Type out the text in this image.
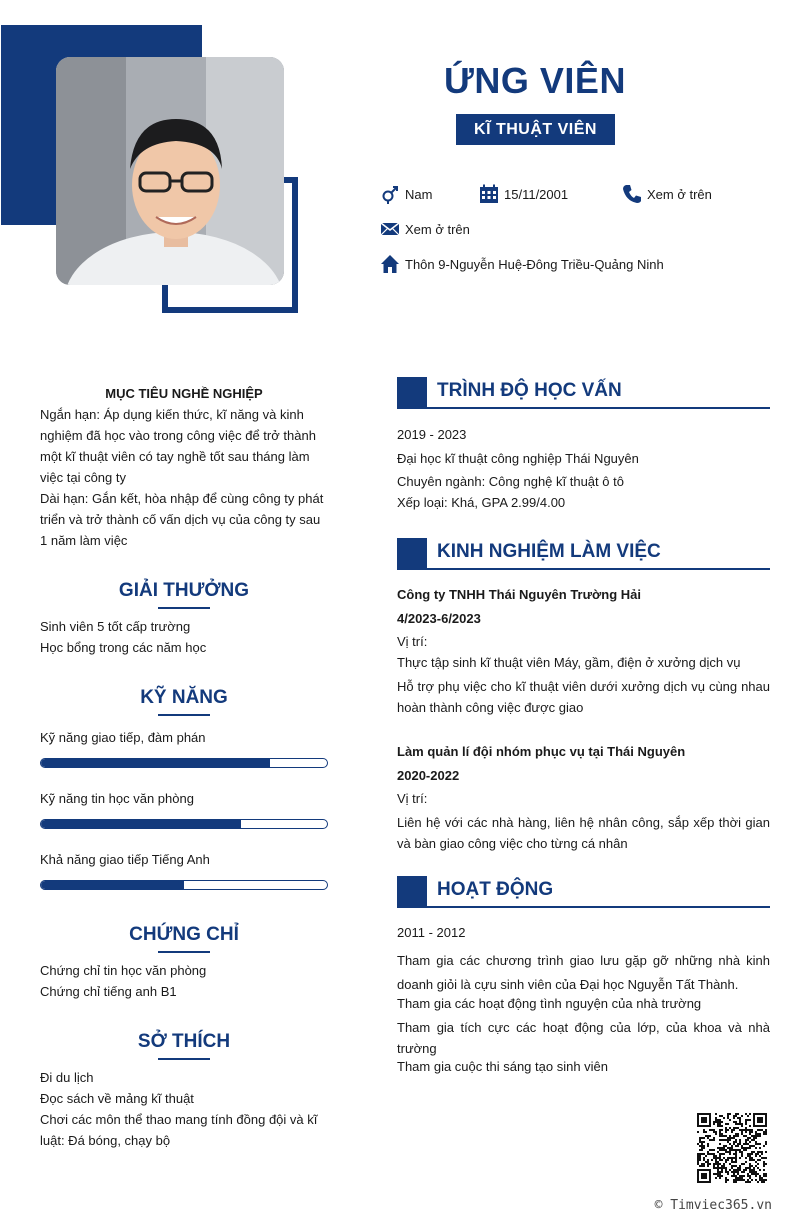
ỨNG VIÊN
KĨ THUẬT VIÊN
Nam	15/11/2001	Xem ở trên
Xem ở trên
Thôn 9-Nguyễn Huệ-Đông Triều-Quảng Ninh
MỤC TIÊU NGHỀ NGHIỆP
Ngắn hạn: Áp dụng kiến thức, kĩ năng và kinh
nghiệm đã học vào trong công việc để trở thành
một kĩ thuật viên có tay nghề tốt sau tháng làm
việc tại công ty
Dài hạn: Gắn kết, hòa nhập để cùng công ty phát
triển và trở thành cố vấn dịch vụ của công ty sau
1 năm làm việc
GIẢI THƯỞNG
Sinh viên 5 tốt cấp trường
Học bổng trong các năm học
KỸ NĂNG
Kỹ năng giao tiếp, đàm phán
Kỹ năng tin học văn phòng
Khả năng giao tiếp Tiếng Anh
CHỨNG CHỈ
Chứng chỉ tin học văn phòng
Chứng chỉ tiếng anh B1
SỞ THÍCH
Đi du lịch
Đọc sách về mảng kĩ thuật
Chơi các môn thể thao mang tính đồng đội và kĩ
luật: Đá bóng, chạy bộ
TRÌNH ĐỘ HỌC VẤN
2019 - 2023
Đại học kĩ thuật công nghiệp Thái Nguyên
Chuyên ngành: Công nghệ kĩ thuật ô tô
Xếp loại: Khá, GPA 2.99/4.00
KINH NGHIỆM LÀM VIỆC
Công ty TNHH Thái Nguyên Trường Hải
4/2023-6/2023
Vị trí:
Thực tập sinh kĩ thuật viên Máy, gầm, điện ở xưởng dịch vụ
Hỗ trợ phụ việc cho kĩ thuật viên dưới xưởng dịch vụ cùng nhau hoàn thành công việc được giao
Làm quản lí đội nhóm phục vụ tại Thái Nguyên
2020-2022
Vị trí:
Liên hệ với các nhà hàng, liên hệ nhân công, sắp xếp thời gian và bàn giao công việc cho từng cá nhân
HOẠT ĐỘNG
2011 - 2012
Tham gia các chương trình giao lưu gặp gỡ những nhà kinh doanh giỏi là cựu sinh viên của Đại học Nguyễn Tất Thành.
Tham gia các hoạt động tình nguyện của nhà trường
Tham gia tích cực các hoạt động của lớp, của khoa và nhà trường
Tham gia cuộc thi sáng tạo sinh viên
© Timviec365.vn
